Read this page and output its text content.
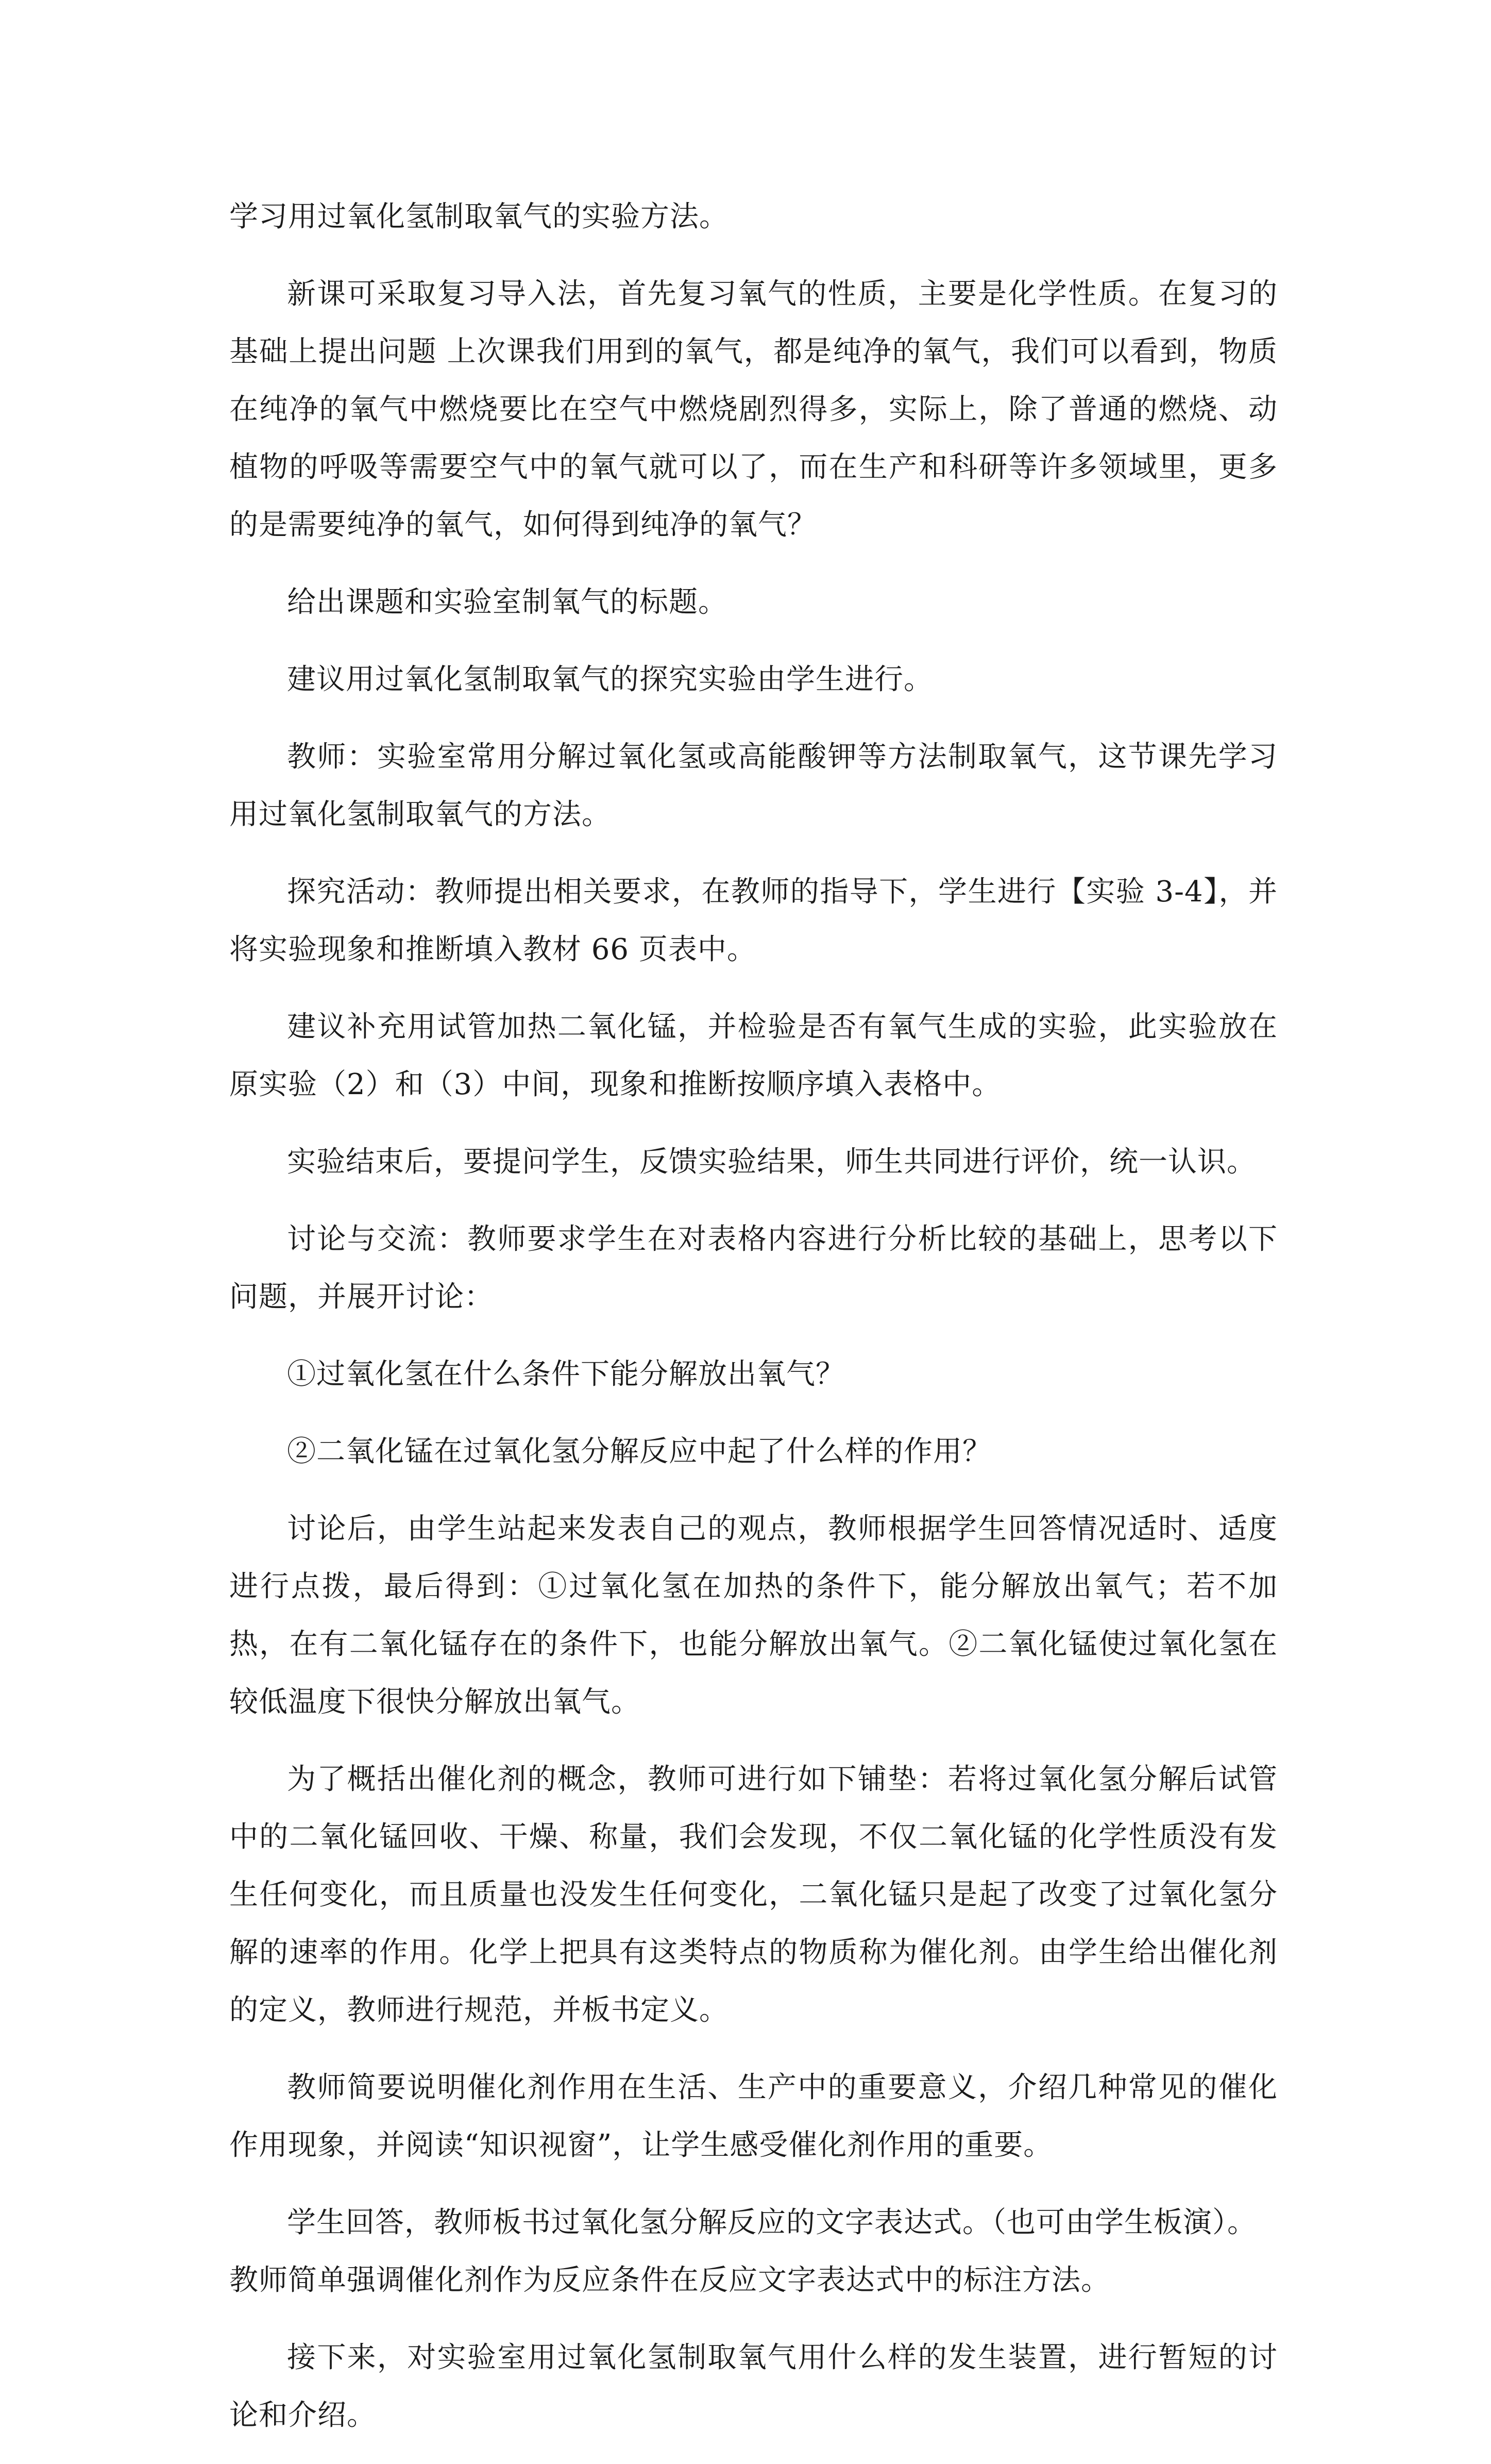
学习用过氧化氢制取氧气的实验方法。

新课可采取复习导入法，首先复习氧气的性质，主要是化学性质。在复习的基础上提出问题 上次课我们用到的氧气，都是纯净的氧气，我们可以看到，物质在纯净的氧气中燃烧要比在空气中燃烧剧烈得多，实际上，除了普通的燃烧、动植物的呼吸等需要空气中的氧气就可以了，而在生产和科研等许多领域里，更多的是需要纯净的氧气，如何得到纯净的氧气？

给出课题和实验室制氧气的标题。

建议用过氧化氢制取氧气的探究实验由学生进行。

教师：实验室常用分解过氧化氢或高能酸钾等方法制取氧气，这节课先学习用过氧化氢制取氧气的方法。

探究活动：教师提出相关要求，在教师的指导下，学生进行【实验 3-4】，并将实验现象和推断填入教材 66 页表中。

建议补充用试管加热二氧化锰，并检验是否有氧气生成的实验，此实验放在原实验（2）和（3）中间，现象和推断按顺序填入表格中。

实验结束后，要提问学生，反馈实验结果，师生共同进行评价，统一认识。

讨论与交流：教师要求学生在对表格内容进行分析比较的基础上，思考以下问题，并展开讨论：

①过氧化氢在什么条件下能分解放出氧气？

②二氧化锰在过氧化氢分解反应中起了什么样的作用？

讨论后，由学生站起来发表自己的观点，教师根据学生回答情况适时、适度进行点拨，最后得到：①过氧化氢在加热的条件下，能分解放出氧气；若不加热，在有二氧化锰存在的条件下，也能分解放出氧气。②二氧化锰使过氧化氢在较低温度下很快分解放出氧气。

为了概括出催化剂的概念，教师可进行如下铺垫：若将过氧化氢分解后试管中的二氧化锰回收、干燥、称量，我们会发现，不仅二氧化锰的化学性质没有发生任何变化，而且质量也没发生任何变化，二氧化锰只是起了改变了过氧化氢分解的速率的作用。化学上把具有这类特点的物质称为催化剂。由学生给出催化剂的定义，教师进行规范，并板书定义。

教师简要说明催化剂作用在生活、生产中的重要意义，介绍几种常见的催化作用现象，并阅读“知识视窗”，让学生感受催化剂作用的重要。

学生回答，教师板书过氧化氢分解反应的文字表达式。（也可由学生板演）。

教师简单强调催化剂作为反应条件在反应文字表达式中的标注方法。

接下来，对实验室用过氧化氢制取氧气用什么样的发生装置，进行暂短的讨论和介绍。
